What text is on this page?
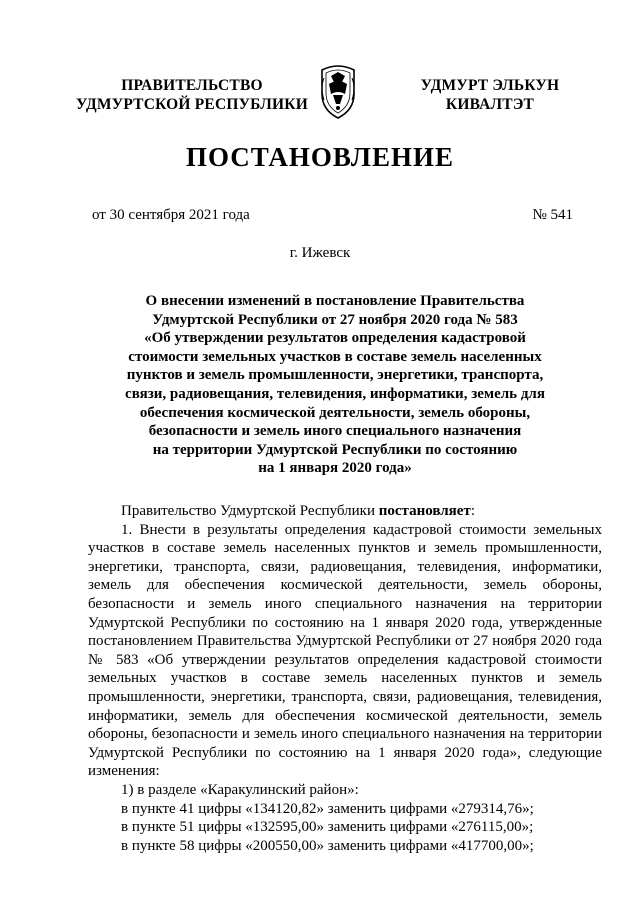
ПРАВИТЕЛЬСТВО
УДМУРТСКОЙ РЕСПУБЛИКИ
УДМУРТ ЭЛЬКУН
КИВАЛТЭТ
ПОСТАНОВЛЕНИЕ
от 30 сентября 2021 года	№ 541
г. Ижевск
О внесении изменений в постановление Правительства
Удмуртской Республики от 27 ноября 2020 года № 583
«Об утверждении результатов определения кадастровой
стоимости земельных участков в составе земель населенных
пунктов и земель промышленности, энергетики, транспорта,
связи, радиовещания, телевидения, информатики, земель для
обеспечения космической деятельности, земель обороны,
безопасности и земель иного специального назначения
на территории Удмуртской Республики по состоянию
на 1 января 2020 года»

Правительство Удмуртской Республики постановляет:

1. Внести в результаты определения кадастровой стоимости земельных
участков в составе земель населенных пунктов и земель промышленности,
энергетики, транспорта, связи, радиовещания, телевидения, информатики,
земель для обеспечения космической деятельности, земель обороны,
безопасности и земель иного специального назначения на территории
Удмуртской Республики по состоянию на 1 января 2020 года, утвержденные
постановлением Правительства Удмуртской Республики от 27 ноября 2020 года
№ 583 «Об утверждении результатов определения кадастровой стоимости
земельных участков в составе земель населенных пунктов и земель
промышленности, энергетики, транспорта, связи, радиовещания, телевидения,
информатики, земель для обеспечения космической деятельности, земель
обороны, безопасности и земель иного специального назначения на территории
Удмуртской Республики по состоянию на 1 января 2020 года», следующие
изменения:
1) в разделе «Каракулинский район»:
в пункте 41 цифры «134120,82» заменить цифрами «279314,76»;
в пункте 51 цифры «132595,00» заменить цифрами «276115,00»;
в пункте 58 цифры «200550,00» заменить цифрами «417700,00»;
